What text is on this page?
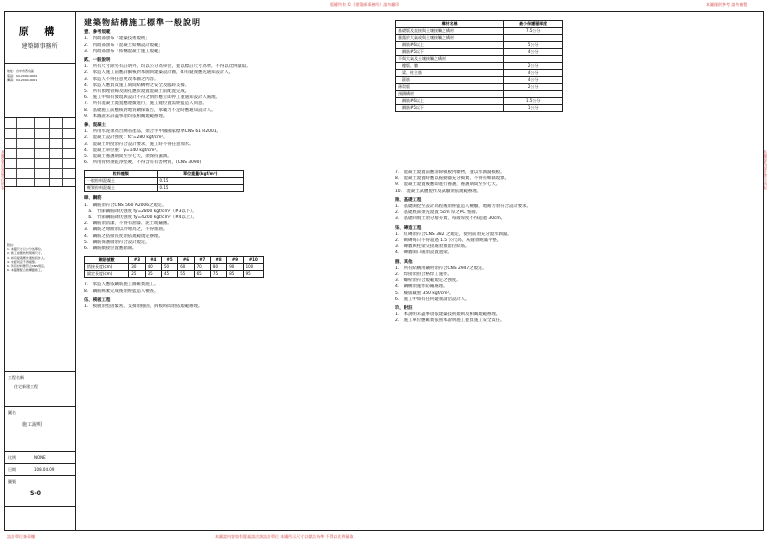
版權所有 ©《建築師事務所》請勿翻印	本圖僅供參考 請勿複製
本圖說內容如有疑義請洽詢設計單位 本圖所示尺寸以標註為準 不得以比例量取
設計單位簽章欄
本圖說為設計單位所有	本圖說為設計單位所有
原 構
建築師事務所
地址：台中市西屯區
電話：04-2000-0000
傳真：04-2000-0001
附註：
1. 本圖尺寸以公分為單位。
2. 施工前應核對現場尺寸。
3. 如有疑義應先通知設計人。
4. 未經同意不得複製。
5. 所有材料應符合CNS規定。
6. 本圖應配合結構圖施工。
工程名稱
住宅新建工程
圖名
施工說明
比例	NONE
日期	108.04.09
圖號
S-0
建築物結構施工標準一般說明
壹、參考規範
1.　內政部頒布「建築技術規則」
2.　內政部頒布「混凝土結構設計規範」
3.　內政部頒布「結構混凝土施工規範」
貳、一般說明
1.　所有尺寸除另有註明外，均以公分為單位，並以標註尺寸為準，不得以比例量取。
2.　承造人施工前應詳細核對本圖與建築設計圖，如有疑義應先通知設計人。
3.　承造人不得任意更改本圖之內容。
4.　承造人應負責施工期間結構物之安全及臨時支撐。
5.　所有預埋管線及開孔應於澆置混凝土前配置完成。
6.　施工中如有發現與設計不符之情形應立即停工並通知設計人處理。
7.　所有混凝土澆置應連續進行，施工縫位置需經監造人同意。
8.　基礎施工前應核對地質鑽探報告，承載力不足時應通知設計人。
9.　本圖說未詳盡事項均依相關規範辦理。
參、混凝土
1.　所用水泥須為台灣省產品，須合乎中國國家標準CNS 61 R2001。
2.　混凝土設計強度：fc'=280 kgf/cm²。
3.　混凝土坍度須符合設計要求，施工時不得任意加水。
4.　混凝土單位重：γ=140 kgf/cm²。
5.　混凝土養護期間至少七天，須保持濕潤。
6.　所用骨材須乾淨堅硬，不得含有有害物質，(CNS 3090)
粒料種類	單位重量(kgf/m³)
一般粒料混凝土	0.15
輕質粒料混凝土	0.15
肆、鋼筋
1.　鋼筋須符合CNS 560 A2006之規定。
　a.　竹節鋼筋降伏強度 fy=2800 kgf/cm²（#3以下）。
　b.　竹節鋼筋降伏強度 fy=4200 kgf/cm²（#4以上）。
2.　鋼筋須清潔，不得有油漆、泥土或鏽蝕。
3.　鋼筋之彎曲須以冷彎為之，不得加熱。
4.　鋼筋之搭接長度須依規範規定辦理。
5.　鋼筋保護層須符合設計規定。
6.　鋼筋續接位置應錯開。
鋼筋號數	#3	#4	#5	#6	#7	#8	#9	#10
搭接長度(cm)	30	40	50	60	70	80	90	100
錨定長度(cm)	25	35	45	55	65	75	85	95
7.　承造人應依鋼筋施工圖確實施工。
8.　鋼筋綁紮完成後須經監造人檢查。
伍、模板工程
1.　模板須堅固緊密，支撐須穩固，拆模時間須依規範辦理。
構材名稱	最小保護層厚度
基礎版及直接與土壤接觸之構材	7.5公分
暴露於大氣或與土壤接觸之構材	
　鋼筋#6以上	5公分
　鋼筋#5以下	4公分
不與大氣及土壤接觸之構材	
　樓版、牆	2公分
　梁、柱主筋	4公分
　箍筋	4公分
薄殼版	2公分
預鑄構材	
　鋼筋#6以上	1.5公分
　鋼筋#5以下	1公分
7.　混凝土澆置前應清除模板內雜物，並以水潤濕模板。
8.　混凝土澆置時應以振動器充分搗實，不得有蜂窩現象。
9.　混凝土澆置後應即進行養護，養護期間至少七天。
10.　混凝土試體製作及試驗須依規範辦理。
陸、基礎工程
1.　基礎開挖至設計高程後須經監造人檢驗，地耐力須符合設計要求。
2.　基礎底部須先澆置 5cm 厚之PC 墊層。
3.　基礎回填土須分層夯實，每層厚度不得超過 30cm。
柒、磚造工程
1.　紅磚須符合CNS 382 之規定，使用前須充分澆水潤濕。
2.　砌磚每日不得超過 1.5 公尺高，灰縫須飽滿平整。
3.　磚牆與柱梁交接處須預留拉結筋。
4.　磚牆開口處須設置過梁。
捌、其他
1.　所有結構用鋼材須符合CNS 2947之規定。
2.　焊接須由合格焊工施作。
3.　螺栓須符合規範規定之強度。
4.　鋼構須施作防鏽處理。
5.　樓版載重 350 kgf/cm²。
6.　施工中如有任何疑義請洽設計人。
玖、附註
1.　本說明未盡事項依建築技術規則及相關規範辦理。
2.　施工單位應確實依照本說明施工並負施工安全責任。
